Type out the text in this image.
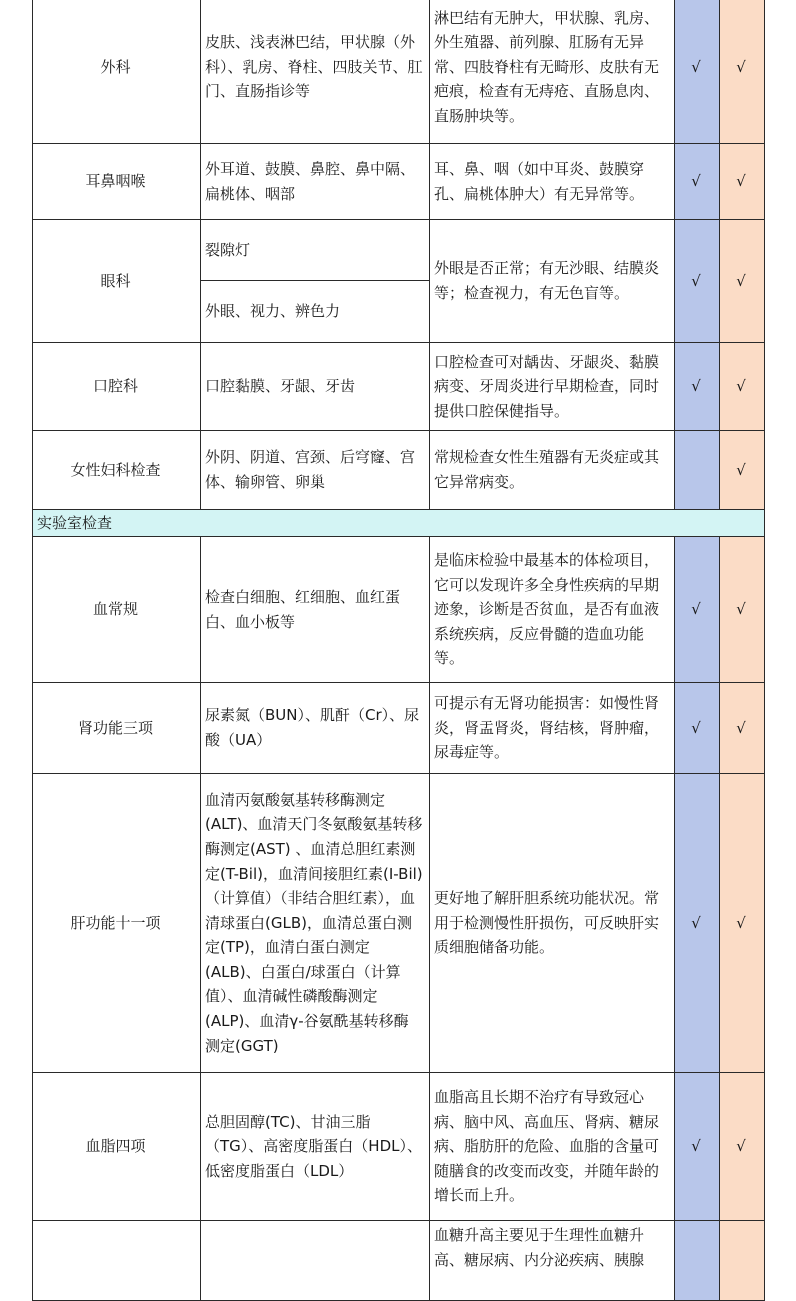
外科	皮肤、浅表淋巴结，甲状腺（外科）、乳房、脊柱、四肢关节、肛门、直肠指诊等	淋巴结有无肿大，甲状腺、乳房、外生殖器、前列腺、肛肠有无异常、四肢脊柱有无畸形、皮肤有无疤痕，检查有无痔疮、直肠息肉、直肠肿块等。	√	√
耳鼻咽喉	外耳道、鼓膜、鼻腔、鼻中隔、扁桃体、咽部	耳、鼻、咽（如中耳炎、鼓膜穿孔、扁桃体肿大）有无异常等。	√	√
眼科	裂隙灯	外眼是否正常；有无沙眼、结膜炎等；检查视力，有无色盲等。	√	√
	外眼、视力、辨色力			
口腔科	口腔黏膜、牙龈、牙齿	口腔检查可对龋齿、牙龈炎、黏膜病变、牙周炎进行早期检查，同时提供口腔保健指导。	√	√
女性妇科检查	外阴、阴道、宫颈、后穹窿、宫体、输卵管、卵巢	常规检查女性生殖器有无炎症或其它异常病变。		√
实验室检查				
血常规	检查白细胞、红细胞、血红蛋白、血小板等	是临床检验中最基本的体检项目，它可以发现许多全身性疾病的早期迹象，诊断是否贫血，是否有血液系统疾病，反应骨髓的造血功能等。	√	√
肾功能三项	尿素氮（BUN）、肌酐（Cr）、尿酸（UA）	可提示有无肾功能损害：如慢性肾炎，肾盂肾炎，肾结核，肾肿瘤，尿毒症等。	√	√
肝功能十一项	血清丙氨酸氨基转移酶测定(ALT)、血清天门冬氨酸氨基转移酶测定(AST) 、血清总胆红素测定(T-Bil)，血清间接胆红素(I-Bil)（计算值）（非结合胆红素），血清球蛋白(GLB)，血清总蛋白测定(TP)，血清白蛋白测定(ALB)、白蛋白/球蛋白（计算值）、血清碱性磷酸酶测定(ALP)、血清γ-谷氨酰基转移酶测定(GGT)	更好地了解肝胆系统功能状况。常用于检测慢性肝损伤，可反映肝实质细胞储备功能。	√	√
血脂四项	总胆固醇(TC)、甘油三脂（TG）、高密度脂蛋白（HDL）、低密度脂蛋白（LDL）	血脂高且长期不治疗有导致冠心病、脑中风、高血压、肾病、糖尿病、脂肪肝的危险、血脂的含量可随膳食的改变而改变，并随年龄的增长而上升。	√	√
		血糖升高主要见于生理性血糖升高、糖尿病、内分泌疾病、胰腺		
